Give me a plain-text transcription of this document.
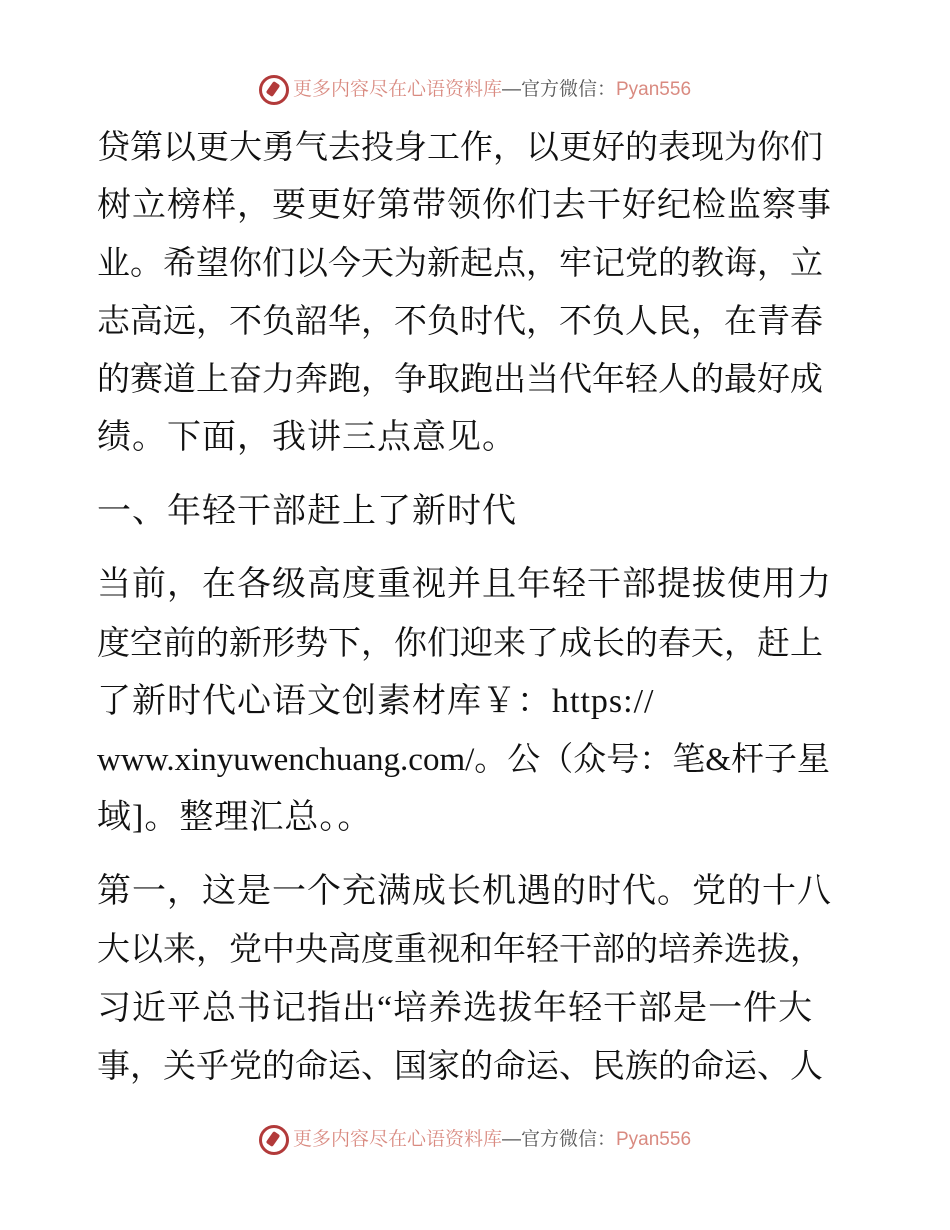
更多内容尽在心语资料库—官方微信：Pyan556
贷第以更大勇气去投身工作，以更好的表现为你们
树立榜样，要更好第带领你们去干好纪检监察事
业。希望你们以今天为新起点，牢记党的教诲，立
志高远，不负韶华，不负时代，不负人民，在青春
的赛道上奋力奔跑，争取跑出当代年轻人的最好成
绩。下面，我讲三点意见。
一、年轻干部赶上了新时代
当前，在各级高度重视并且年轻干部提拔使用力
度空前的新形势下，你们迎来了成长的春天，赶上
了新时代心语文创素材库￥：https://
www.xinyuwenchuang.com/。公（众号：笔&杆子星
域]。整理汇总。。
第一，这是一个充满成长机遇的时代。党的十八
大以来，党中央高度重视和年轻干部的培养选拔，
习近平总书记指出“培养选拔年轻干部是一件大
事，关乎党的命运、国家的命运、民族的命运、人
更多内容尽在心语资料库—官方微信：Pyan556
